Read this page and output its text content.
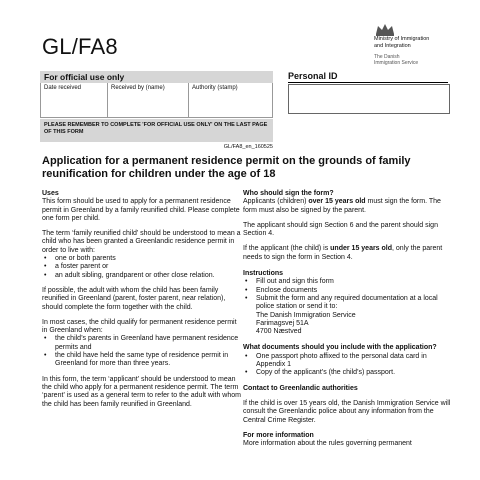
GL/FA8	Ministry of Immigration
and Integration
The Danish
Immigration Service
For official use only
Date received	Received by (name)	Authority (stamp)
PLEASE REMEMBER TO COMPLETE 'FOR OFFICIAL USE ONLY' ON THE LAST PAGE OF THIS FORM
GL/FA8_en_160525
Personal ID
Application for a permanent residence permit on the grounds of family reunification for children under the age of 18
Uses

This form should be used to apply for a permanent residence permit in Greenland by a family reunified child. Please complete one form per child.

The term ‘family reunified child’ should be understood to mean a child who has been granted a Greenlandic residence permit in order to live with:

• one or both parents
• a foster parent or
• an adult sibling, grandparent or other close relation.

If possible, the adult with whom the child has been family reunified in Greenland (parent, foster parent, near relation), should complete the form together with the child.

In most cases, the child qualify for permanent residence permit in Greenland when:

• the child’s parents in Greenland have permanent residence permits and
• the child have held the same type of residence permit in Greenland for more than three years.

In this form, the term ‘applicant’ should be understood to mean the child who apply for a permanent residence permit. The term ‘parent’ is used as a general term to refer to the adult with whom the child has been family reunified in Greenland.

Who should sign the form?

Applicants (children) over 15 years old must sign the form. The form must also be signed by the parent.

The applicant should sign Section 6 and the parent should sign Section 4.

If the applicant (the child) is under 15 years old, only the parent needs to sign the form in Section 4.

Instructions
• Fill out and sign this form
• Enclose documents
• Submit the form and any required documentation at a local police station or send it to:
The Danish Immigration Service
Farimagsvej 51A
4700 Næstved
What documents should you include with the application?
• One passport photo affixed to the personal data card in Appendix 1
• Copy of the applicant’s (the child’s) passport.
Contact to Greenlandic authorities

If the child is over 15 years old, the Danish Immigration Service will consult the Greenlandic police about any information from the Central Crime Register.

For more information

More information about the rules governing permanent
